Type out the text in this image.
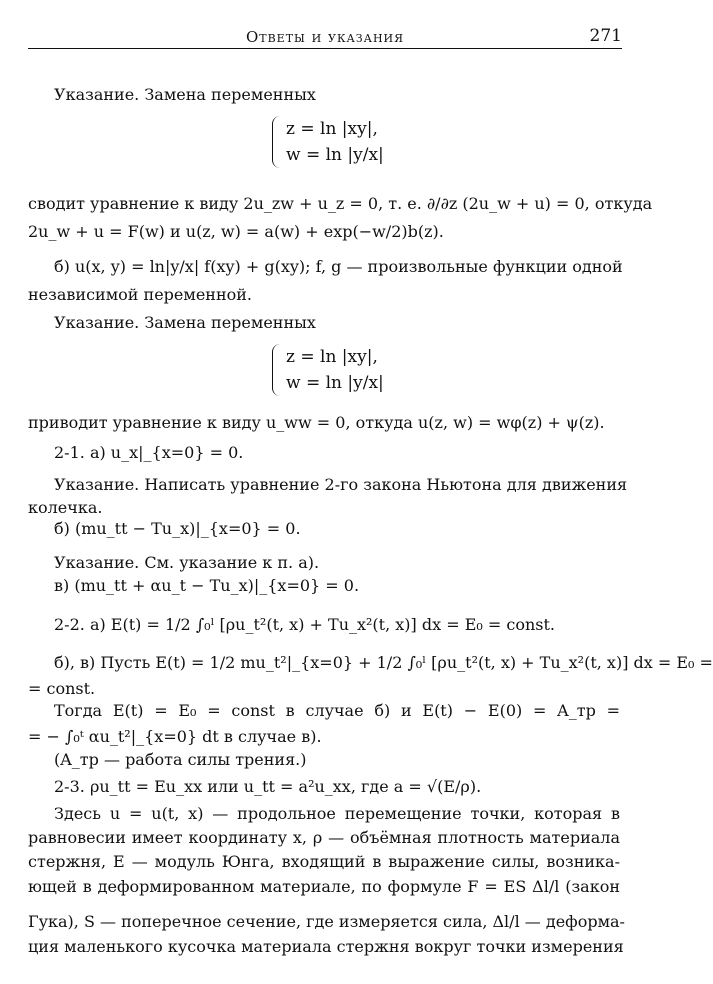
Ответы и указания	271
Указание. Замена переменных
z = ln |xy|,
w = ln |y/x|
сводит уравнение к виду 2u_zw + u_z = 0, т. е. ∂/∂z (2u_w + u) = 0, откуда
2u_w + u = F(w) и u(z, w) = a(w) + exp(−w/2)b(z).
б) u(x, y) = ln|y/x| f(xy) + g(xy); f, g — произвольные функции одной
независимой переменной.
Указание. Замена переменных
z = ln |xy|,
w = ln |y/x|
приводит уравнение к виду u_ww = 0, откуда u(z, w) = wφ(z) + ψ(z).
2-1. а) u_x|_{x=0} = 0.
Указание. Написать уравнение 2-го закона Ньютона для движения
колечка.
б) (mu_tt − Tu_x)|_{x=0} = 0.
Указание. См. указание к п. а).
в) (mu_tt + αu_t − Tu_x)|_{x=0} = 0.
2-2. а) E(t) = 1/2 ∫₀ˡ [ρu_t²(t, x) + Tu_x²(t, x)] dx = E₀ = const.
б), в) Пусть E(t) = 1/2 mu_t²|_{x=0} + 1/2 ∫₀ˡ [ρu_t²(t, x) + Tu_x²(t, x)] dx = E₀ =
= const.
Тогда E(t) = E₀ = const в случае б) и E(t) − E(0) = A_тр =
= − ∫₀ᵗ αu_t²|_{x=0} dt в случае в).
(A_тр — работа силы трения.)
2-3. ρu_tt = Eu_xx или u_tt = a²u_xx, где a = √(E/ρ).
Здесь u = u(t, x) — продольное перемещение точки, которая в
равновесии имеет координату x, ρ — объёмная плотность материала
стержня, E — модуль Юнга, входящий в выражение силы, возника-
ющей в деформированном материале, по формуле F = ES Δl/l (закон
Гука), S — поперечное сечение, где измеряется сила, Δl/l — деформа-
ция маленького кусочка материала стержня вокруг точки измерения
